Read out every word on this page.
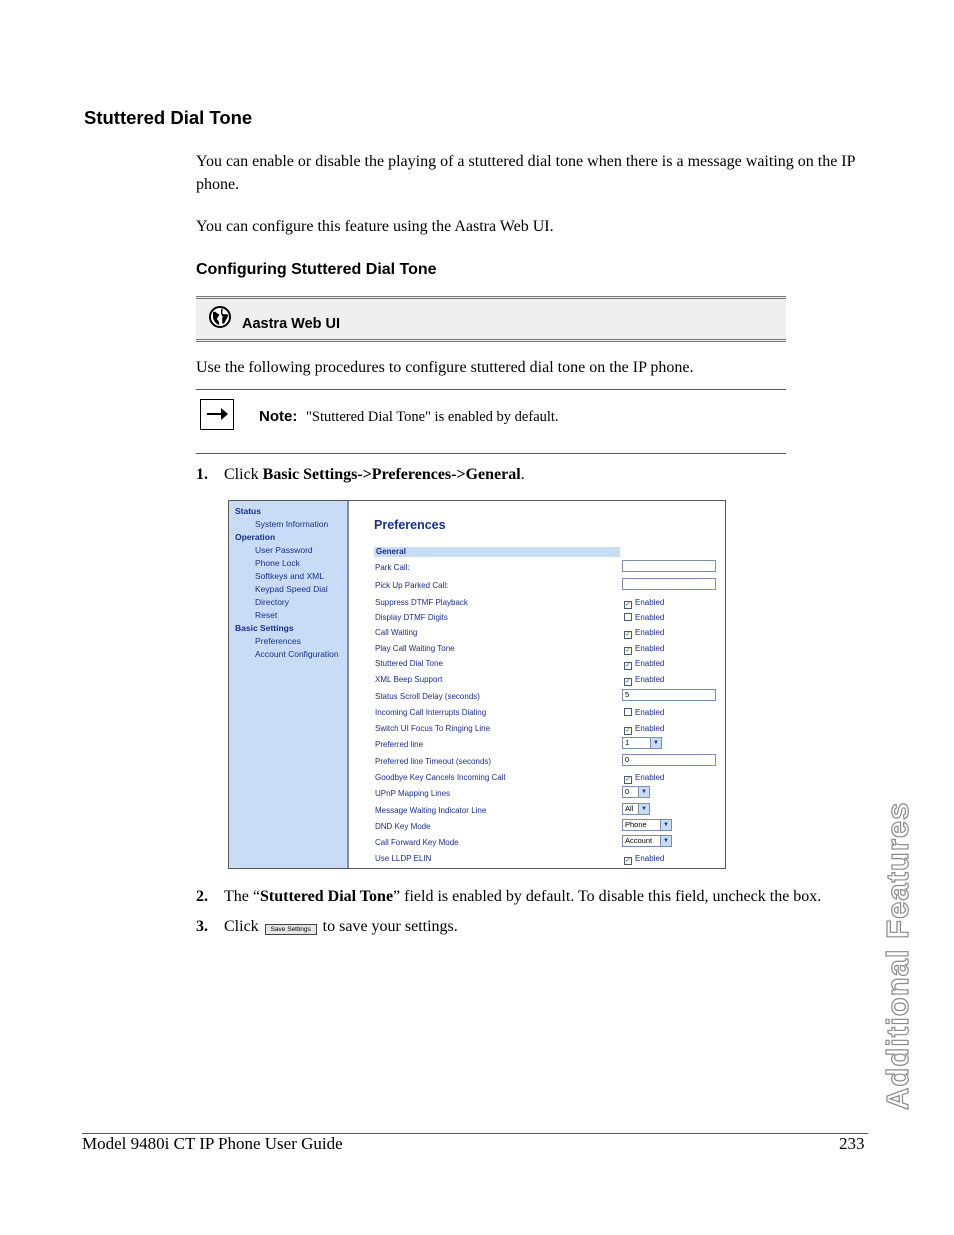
Stuttered Dial Tone

You can enable or disable the playing of a stuttered dial tone when there is a message waiting on the IP phone.

You can configure this feature using the Aastra Web UI.

Configuring Stuttered Dial Tone
Aastra Web UI

Use the following procedures to configure stuttered dial tone on the IP phone.

Note: "Stuttered Dial Tone" is enabled by default.
1. Click Basic Settings->Preferences->General.
Status
System Information
Operation
User Password
Phone Lock
Softkeys and XML
Keypad Speed Dial
Directory
Reset
Basic Settings
Preferences
Account Configuration
Preferences
General
Park Call:
Pick Up Parked Call:
Suppress DTMF Playback	✓ Enabled
Display DTMF Digits	Enabled
Call Waiting	✓ Enabled
Play Call Waiting Tone	✓ Enabled
Stuttered Dial Tone	✓ Enabled
XML Beep Support	✓ Enabled
Status Scroll Delay (seconds)	5
Incoming Call Interrupts Dialing	Enabled
Switch UI Focus To Ringing Line	✓ Enabled
Preferred line	1	▼
Preferred line Timeout (seconds)	0
Goodbye Key Cancels Incoming Call	✓ Enabled
UPnP Mapping Lines	0	▼
Message Waiting Indicator Line	All	▼
DND Key Mode	Phone	▼
Call Forward Key Mode	Account	▼
Use LLDP ELIN	✓ Enabled
2. The “Stuttered Dial Tone” field is enabled by default. To disable this field, uncheck the box.
3. Click Save Settings to save your settings.	Additional Features
Model 9480i CT IP Phone User Guide	233
